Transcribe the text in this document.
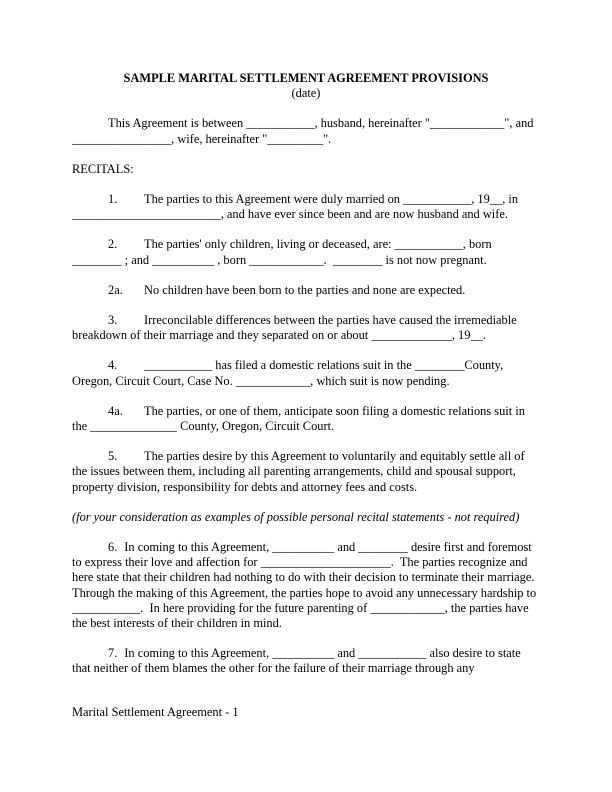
SAMPLE MARITAL SETTLEMENT AGREEMENT PROVISIONS
(date)

This Agreement is between ___________, husband, hereinafter "____________", and ________________, wife, hereinafter "_________".

RECITALS:

1. The parties to this Agreement were duly married on ___________, 19__, in ________________________, and have ever since been and are now husband and wife.

2. The parties' only children, living or deceased, are: ___________, born ________ ; and __________ , born ____________.  ________ is not now pregnant.

2a. No children have been born to the parties and none are expected.

3. Irreconcilable differences between the parties have caused the irremediable breakdown of their marriage and they separated on or about _____________, 19__.

4. ___________ has filed a domestic relations suit in the ________County, Oregon, Circuit Court, Case No. ____________, which suit is now pending.

4a. The parties, or one of them, anticipate soon filing a domestic relations suit in the ______________ County, Oregon, Circuit Court.

5. The parties desire by this Agreement to voluntarily and equitably settle all of the issues between them, including all parenting arrangements, child and spousal support, property division, responsibility for debts and attorney fees and costs.

(for your consideration as examples of possible personal recital statements - not required)

6. In coming to this Agreement, __________ and ________ desire first and foremost to express their love and affection for _____________________.  The parties recognize and here state that their children had nothing to do with their decision to terminate their marriage.  Through the making of this Agreement, the parties hope to avoid any unnecessary hardship to ___________.  In here providing for the future parenting of ____________, the parties have the best interests of their children in mind.

7. In coming to this Agreement, __________ and ___________ also desire to state that neither of them blames the other for the failure of their marriage through any

Marital Settlement Agreement - 1
